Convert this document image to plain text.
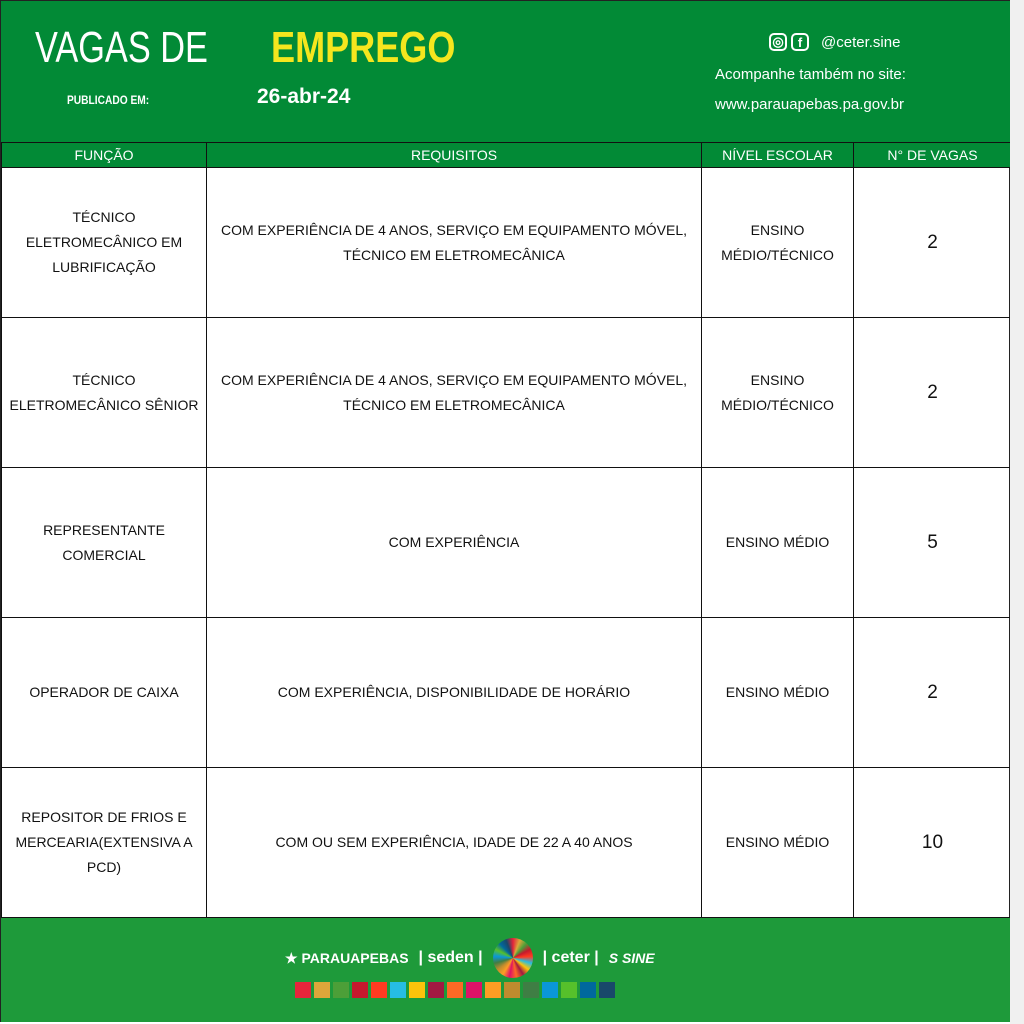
VAGAS DE EMPREGO
PUBLICADO EM:	26-abr-24
◎	f	@ceter.sine
Acompanhe também no site:
www.parauapebas.pa.gov.br
FUNÇÃO	REQUISITOS	NÍVEL ESCOLAR	N° DE VAGAS
TÉCNICO ELETROMECÂNICO EM LUBRIFICAÇÃO	COM EXPERIÊNCIA DE 4 ANOS, SERVIÇO EM EQUIPAMENTO MÓVEL, TÉCNICO EM ELETROMECÂNICA	ENSINO MÉDIO/TÉCNICO	2
TÉCNICO ELETROMECÂNICO SÊNIOR	COM EXPERIÊNCIA DE 4 ANOS, SERVIÇO EM EQUIPAMENTO MÓVEL, TÉCNICO EM ELETROMECÂNICA	ENSINO MÉDIO/TÉCNICO	2
REPRESENTANTE COMERCIAL	COM EXPERIÊNCIA	ENSINO MÉDIO	5
OPERADOR DE CAIXA	COM EXPERIÊNCIA, DISPONIBILIDADE DE HORÁRIO	ENSINO MÉDIO	2
REPOSITOR DE FRIOS E MERCEARIA(EXTENSIVA A PCD)	COM OU SEM EXPERIÊNCIA, IDADE DE 22 A 40 ANOS	ENSINO MÉDIO	10
★ PARAUAPEBAS | seden |	| ceter | S SINE
